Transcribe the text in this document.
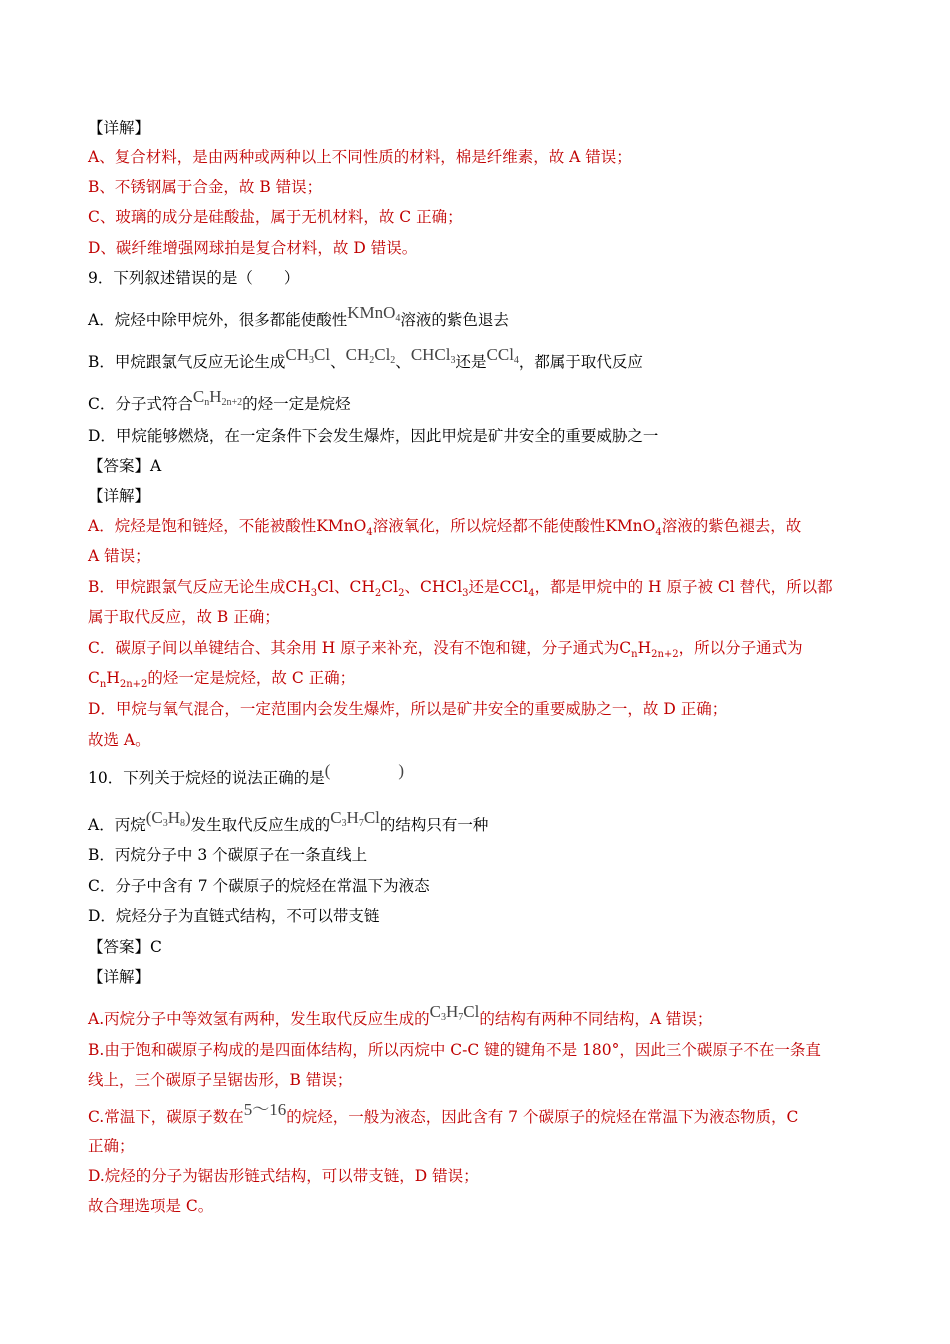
【详解】
A、复合材料，是由两种或两种以上不同性质的材料，棉是纤维素，故 A 错误；
B、不锈钢属于合金，故 B 错误；
C、玻璃的成分是硅酸盐，属于无机材料，故 C 正确；
D、碳纤维增强网球拍是复合材料，故 D 错误。
9．下列叙述错误的是（　　）
A．烷烃中除甲烷外，很多都能使酸性KMnO$_4$溶液的紫色退去
B．甲烷跟氯气反应无论生成$CH_3Cl$、$CH_2Cl_2$、CHCl$_3$还是CCl$_4$，都属于取代反应
C．分子式符合$C_nH_{2n+2}$的烃一定是烷烃
D．甲烷能够燃烧，在一定条件下会发生爆炸，因此甲烷是矿井安全的重要威胁之一
【答案】A
【详解】
A．烷烃是饱和链烃，不能被酸性KMnO$_4$溶液氧化，所以烷烃都不能使酸性KMnO$_4$溶液的紫色褪去，故
A 错误；
B．甲烷跟氯气反应无论生成$CH_3Cl$、$CH_2Cl_2$、CHCl$_3$还是CCl$_4$，都是甲烷中的 H 原子被 Cl 替代，所以都
属于取代反应，故 B 正确；
C．碳原子间以单键结合、其余用 H 原子来补充，没有不饱和键，分子通式为$C_nH_{2n+2}$，所以分子通式为
$C_nH_{2n+2}$的烃一定是烷烃，故 C 正确；
D．甲烷与氧气混合，一定范围内会发生爆炸，所以是矿井安全的重要威胁之一，故 D 正确；
故选 A。
10．下列关于烷烃的说法正确的是(　　　　)
A．丙烷$(C_3H_8)$发生取代反应生成的$C_3H_7Cl$的结构只有一种
B．丙烷分子中 3 个碳原子在一条直线上
C．分子中含有 7 个碳原子的烷烃在常温下为液态
D．烷烃分子为直链式结构，不可以带支链
【答案】C
【详解】
A.丙烷分子中等效氢有两种，发生取代反应生成的$C_3H_7Cl$的结构有两种不同结构，A 错误；
B.由于饱和碳原子构成的是四面体结构，所以丙烷中 C-C 键的键角不是 180°，因此三个碳原子不在一条直
线上，三个碳原子呈锯齿形，B 错误；
C.常温下，碳原子数在5～16的烷烃，一般为液态，因此含有 7 个碳原子的烷烃在常温下为液态物质，C
正确；
D.烷烃的分子为锯齿形链式结构，可以带支链，D 错误；
故合理选项是 C。
